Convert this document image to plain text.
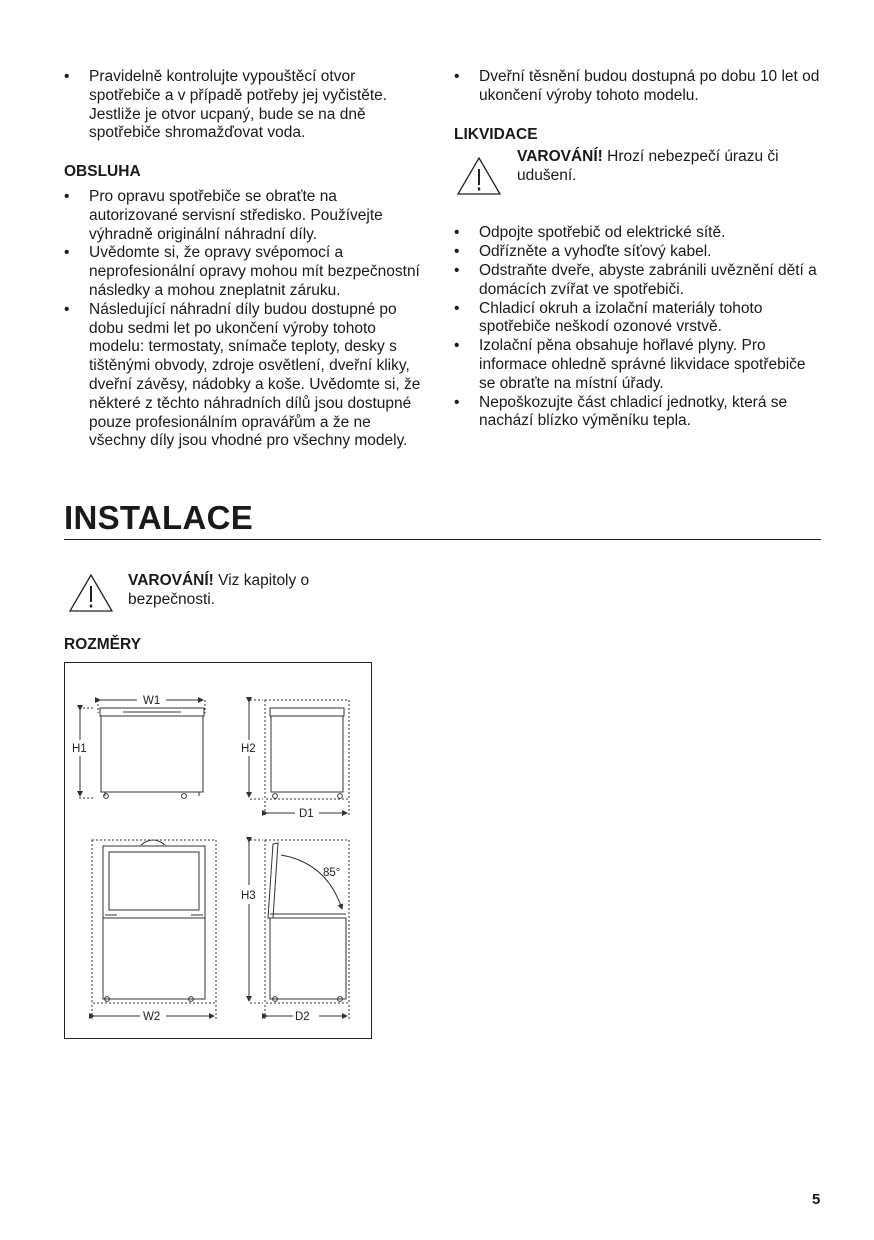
• Pravidelně kontrolujte vypouštěcí otvor spotřebiče a v případě potřeby jej vyčistěte. Jestliže je otvor ucpaný, bude se na dně spotřebiče shromažďovat voda.
OBSLUHA
• Pro opravu spotřebiče se obraťte na autorizované servisní středisko. Používejte výhradně originální náhradní díly.
• Uvědomte si, že opravy svépomocí a neprofesionální opravy mohou mít bezpečnostní následky a mohou zneplatnit záruku.
• Následující náhradní díly budou dostupné po dobu sedmi let po ukončení výroby tohoto modelu: termostaty, snímače teploty, desky s tištěnými obvody, zdroje osvětlení, dveřní kliky, dveřní závěsy, nádobky a koše. Uvědomte si, že některé z těchto náhradních dílů jsou dostupné pouze profesionálním opravářům a že ne všechny díly jsou vhodné pro všechny modely.
• Dveřní těsnění budou dostupná po dobu 10 let od ukončení výroby tohoto modelu.
LIKVIDACE
VAROVÁNÍ! Hrozí nebezpečí úrazu či udušení.
• Odpojte spotřebič od elektrické sítě.
• Odřízněte a vyhoďte síťový kabel.
• Odstraňte dveře, abyste zabránili uvěznění dětí a domácích zvířat ve spotřebiči.
• Chladicí okruh a izolační materiály tohoto spotřebiče neškodí ozonové vrstvě.
• Izolační pěna obsahuje hořlavé plyny. Pro informace ohledně správné likvidace spotřebiče se obraťte na místní úřady.
• Nepoškozujte část chladicí jednotky, která se nachází blízko výměníku tepla.
INSTALACE
VAROVÁNÍ! Viz kapitoly o bezpečnosti.
ROZMĚRY
W1
H1	H2
D1
H3
85°
W2	D2
5
